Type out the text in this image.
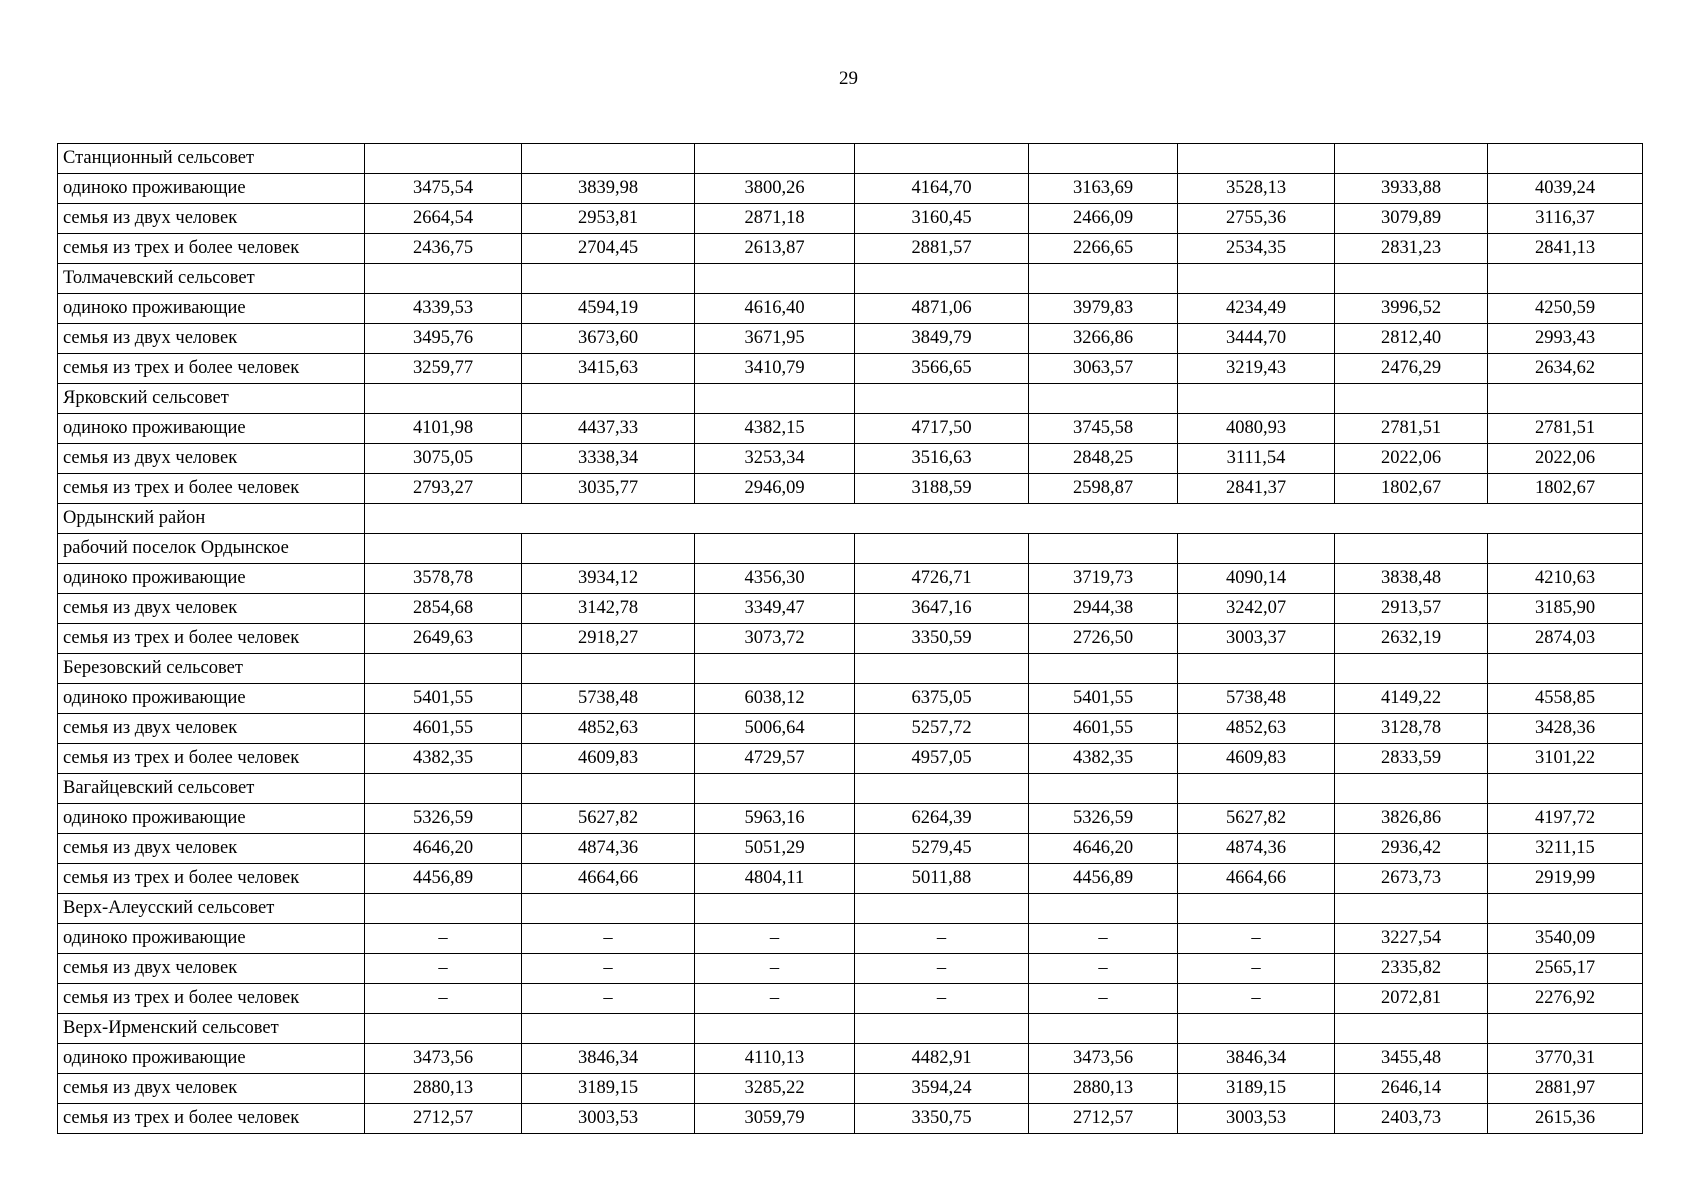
29
Станционный сельсовет								
одиноко проживающие	3475,54	3839,98	3800,26	4164,70	3163,69	3528,13	3933,88	4039,24
семья из двух человек	2664,54	2953,81	2871,18	3160,45	2466,09	2755,36	3079,89	3116,37
семья из трех и более человек	2436,75	2704,45	2613,87	2881,57	2266,65	2534,35	2831,23	2841,13
Толмачевский сельсовет								
одиноко проживающие	4339,53	4594,19	4616,40	4871,06	3979,83	4234,49	3996,52	4250,59
семья из двух человек	3495,76	3673,60	3671,95	3849,79	3266,86	3444,70	2812,40	2993,43
семья из трех и более человек	3259,77	3415,63	3410,79	3566,65	3063,57	3219,43	2476,29	2634,62
Ярковский сельсовет								
одиноко проживающие	4101,98	4437,33	4382,15	4717,50	3745,58	4080,93	2781,51	2781,51
семья из двух человек	3075,05	3338,34	3253,34	3516,63	2848,25	3111,54	2022,06	2022,06
семья из трех и более человек	2793,27	3035,77	2946,09	3188,59	2598,87	2841,37	1802,67	1802,67
Ордынский район								
рабочий поселок Ордынское								
одиноко проживающие	3578,78	3934,12	4356,30	4726,71	3719,73	4090,14	3838,48	4210,63
семья из двух человек	2854,68	3142,78	3349,47	3647,16	2944,38	3242,07	2913,57	3185,90
семья из трех и более человек	2649,63	2918,27	3073,72	3350,59	2726,50	3003,37	2632,19	2874,03
Березовский сельсовет								
одиноко проживающие	5401,55	5738,48	6038,12	6375,05	5401,55	5738,48	4149,22	4558,85
семья из двух человек	4601,55	4852,63	5006,64	5257,72	4601,55	4852,63	3128,78	3428,36
семья из трех и более человек	4382,35	4609,83	4729,57	4957,05	4382,35	4609,83	2833,59	3101,22
Вагайцевский сельсовет								
одиноко проживающие	5326,59	5627,82	5963,16	6264,39	5326,59	5627,82	3826,86	4197,72
семья из двух человек	4646,20	4874,36	5051,29	5279,45	4646,20	4874,36	2936,42	3211,15
семья из трех и более человек	4456,89	4664,66	4804,11	5011,88	4456,89	4664,66	2673,73	2919,99
Верх-Алеусский сельсовет								
одиноко проживающие	–	–	–	–	–	–	3227,54	3540,09
семья из двух человек	–	–	–	–	–	–	2335,82	2565,17
семья из трех и более человек	–	–	–	–	–	–	2072,81	2276,92
Верх-Ирменский сельсовет								
одиноко проживающие	3473,56	3846,34	4110,13	4482,91	3473,56	3846,34	3455,48	3770,31
семья из двух человек	2880,13	3189,15	3285,22	3594,24	2880,13	3189,15	2646,14	2881,97
семья из трех и более человек	2712,57	3003,53	3059,79	3350,75	2712,57	3003,53	2403,73	2615,36
